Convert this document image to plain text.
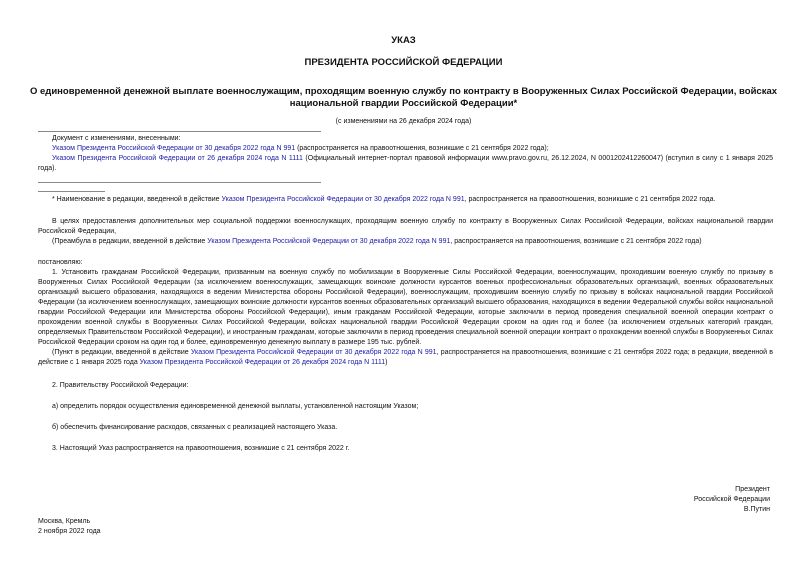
УКАЗ
ПРЕЗИДЕНТА РОССИЙСКОЙ ФЕДЕРАЦИИ
О единовременной денежной выплате военнослужащим, проходящим военную службу по контракту в Вооруженных Силах Российской Федерации, войсках
национальной гвардии Российской Федерации*
(с изменениями на 26 декабря 2024 года)
Документ с изменениями, внесенными:
Указом Президента Российской Федерации от 30 декабря 2022 года N 991 (распространяется на правоотношения, возникшие с 21 сентября 2022 года);
Указом Президента Российской Федерации от 26 декабря 2024 года N 1111 (Официальный интернет-портал правовой информации www.pravo.gov.ru, 26.12.2024, N 0001202412260047) (вступил в силу с 1 января 2025 года).
* Наименование в редакции, введенной в действие Указом Президента Российской Федерации от 30 декабря 2022 года N 991, распространяется на правоотношения, возникшие с 21 сентября 2022 года.
В целях предоставления дополнительных мер социальной поддержки военнослужащих, проходящим военную службу по контракту в Вооруженных Силах Российской Федерации, войсках национальной гвардии Российской Федерации,
(Преамбула в редакции, введенной в действие Указом Президента Российской Федерации от 30 декабря 2022 года N 991, распространяется на правоотношения, возникшие с 21 сентября 2022 года)
постановляю:
1. Установить гражданам Российской Федерации, призванным на военную службу по мобилизации в Вооруженные Силы Российской Федерации, военнослужащим, проходившим военную службу по призыву в Вооруженных Силах Российской Федерации (за исключением военнослужащих, замещающих воинские должности курсантов военных профессиональных образовательных организаций, военных образовательных организаций высшего образования, находящихся в ведении Министерства обороны Российской Федерации), военнослужащим, проходившим военную службу по призыву в войсках национальной гвардии Российской Федерации (за исключением военнослужащих, замещающих воинские должности курсантов военных образовательных организаций высшего образования, находящихся в ведении Федеральной службы войск национальной гвардии Российской Федерации или Министерства обороны Российской Федерации), иным гражданам Российской Федерации, которые заключили в период проведения специальной военной операции контракт о прохождении военной службы в Вооруженных Силах Российской Федерации, войсках национальной гвардии Российской Федерации сроком на один год и более (за исключением отдельных категорий граждан, определяемых Правительством Российской Федерации), и иностранным гражданам, которые заключили в период проведения специальной военной операции контракт о прохождении военной службы в Вооруженных Силах Российской Федерации сроком на один год и более, единовременную денежную выплату в размере 195 тыс. рублей.
(Пункт в редакции, введенной в действие Указом Президента Российской Федерации от 30 декабря 2022 года N 991, распространяется на правоотношения, возникшие с 21 сентября 2022 года; в редакции, введенной в действие с 1 января 2025 года Указом Президента Российской Федерации от 26 декабря 2024 года N 1111)
2. Правительству Российской Федерации:
а) определить порядок осуществления единовременной денежной выплаты, установленной настоящим Указом;
б) обеспечить финансирование расходов, связанных с реализацией настоящего Указа.
3. Настоящий Указ распространяется на правоотношения, возникшие с 21 сентября 2022 г.
Президент
Российской Федерации
В.Путин
Москва, Кремль
2 ноября 2022 года
